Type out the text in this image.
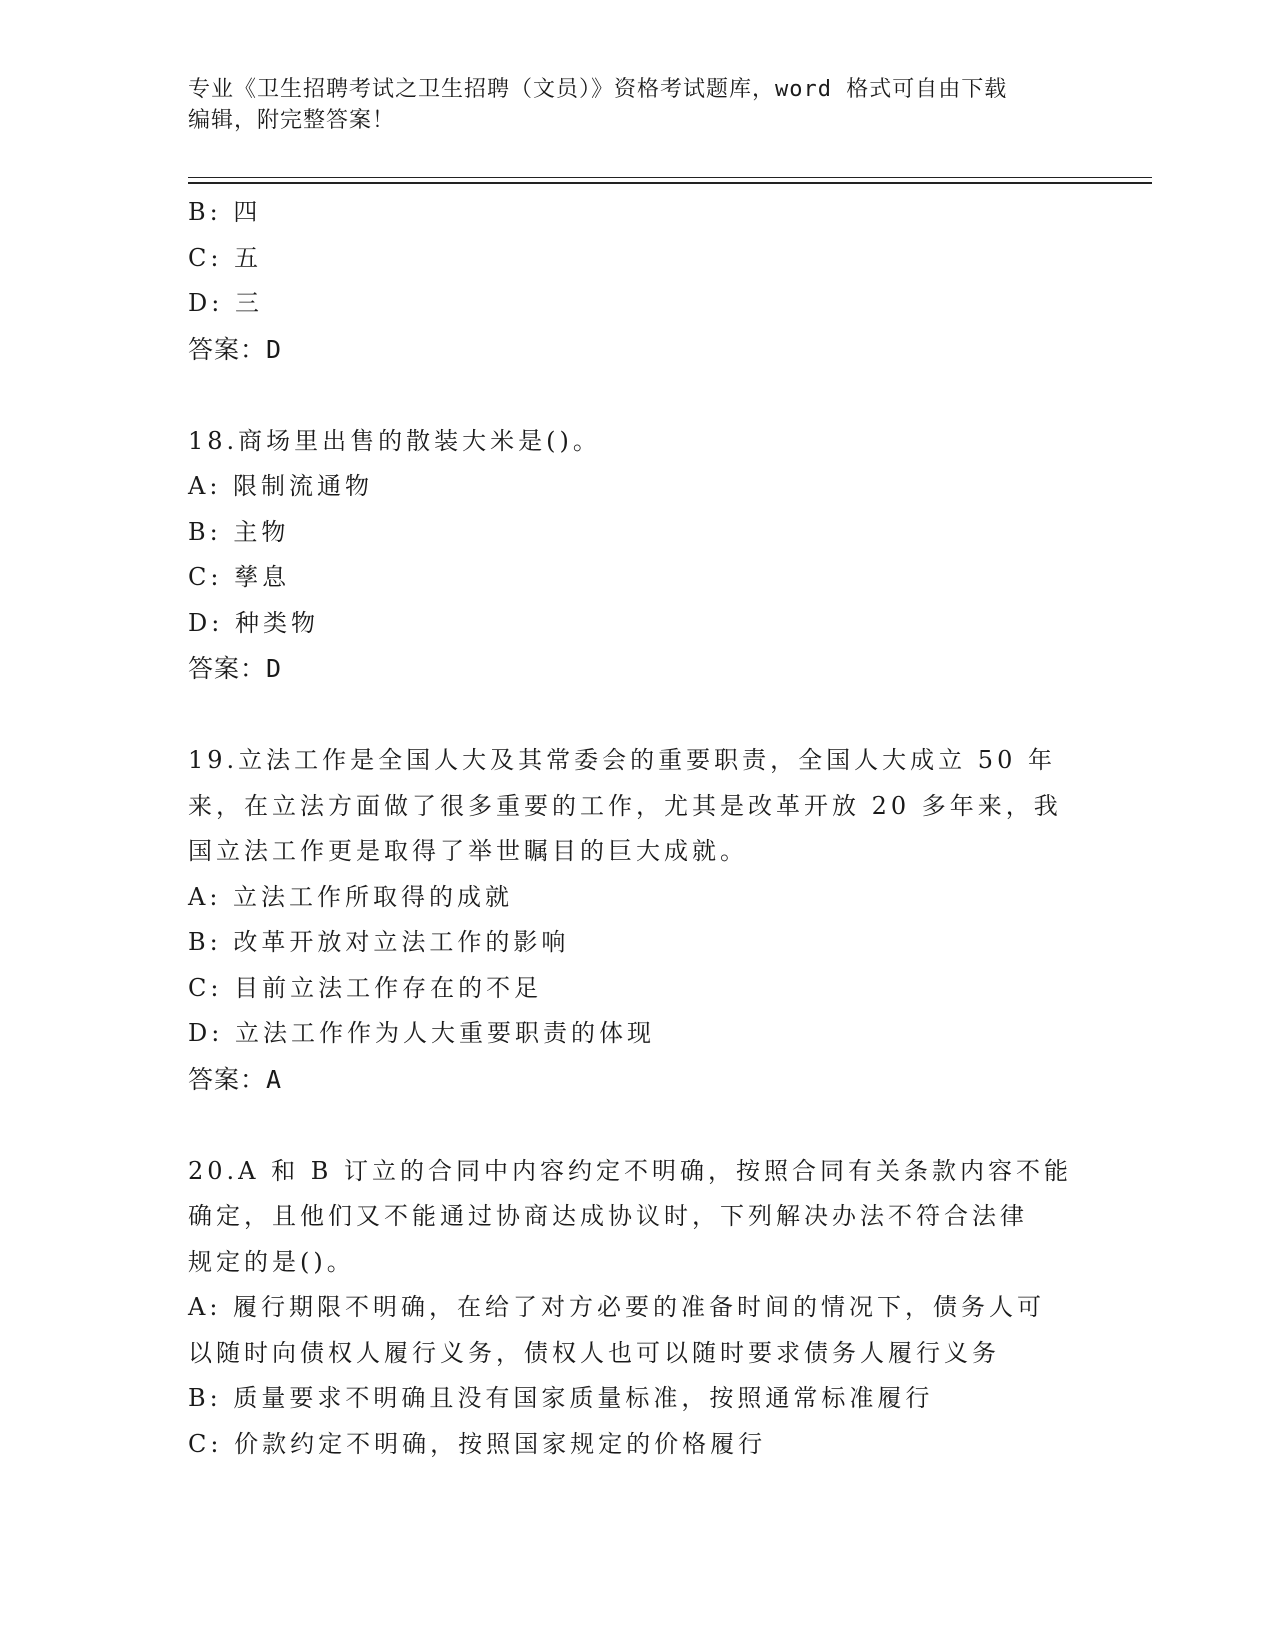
专业《卫生招聘考试之卫生招聘（文员）》资格考试题库，word 格式可自由下载
编辑，附完整答案！
B: 四
C: 五
D: 三
答案：D
18.商场里出售的散装大米是()。
A: 限制流通物
B: 主物
C: 孳息
D: 种类物
答案：D
19.立法工作是全国人大及其常委会的重要职责，全国人大成立 50 年
来，在立法方面做了很多重要的工作，尤其是改革开放 20 多年来，我
国立法工作更是取得了举世瞩目的巨大成就。
A: 立法工作所取得的成就
B: 改革开放对立法工作的影响
C: 目前立法工作存在的不足
D: 立法工作作为人大重要职责的体现
答案：A
20.A 和 B 订立的合同中内容约定不明确，按照合同有关条款内容不能
确定，且他们又不能通过协商达成协议时，下列解决办法不符合法律
规定的是()。
A: 履行期限不明确，在给了对方必要的准备时间的情况下，债务人可
以随时向债权人履行义务，债权人也可以随时要求债务人履行义务
B: 质量要求不明确且没有国家质量标准，按照通常标准履行
C: 价款约定不明确，按照国家规定的价格履行
